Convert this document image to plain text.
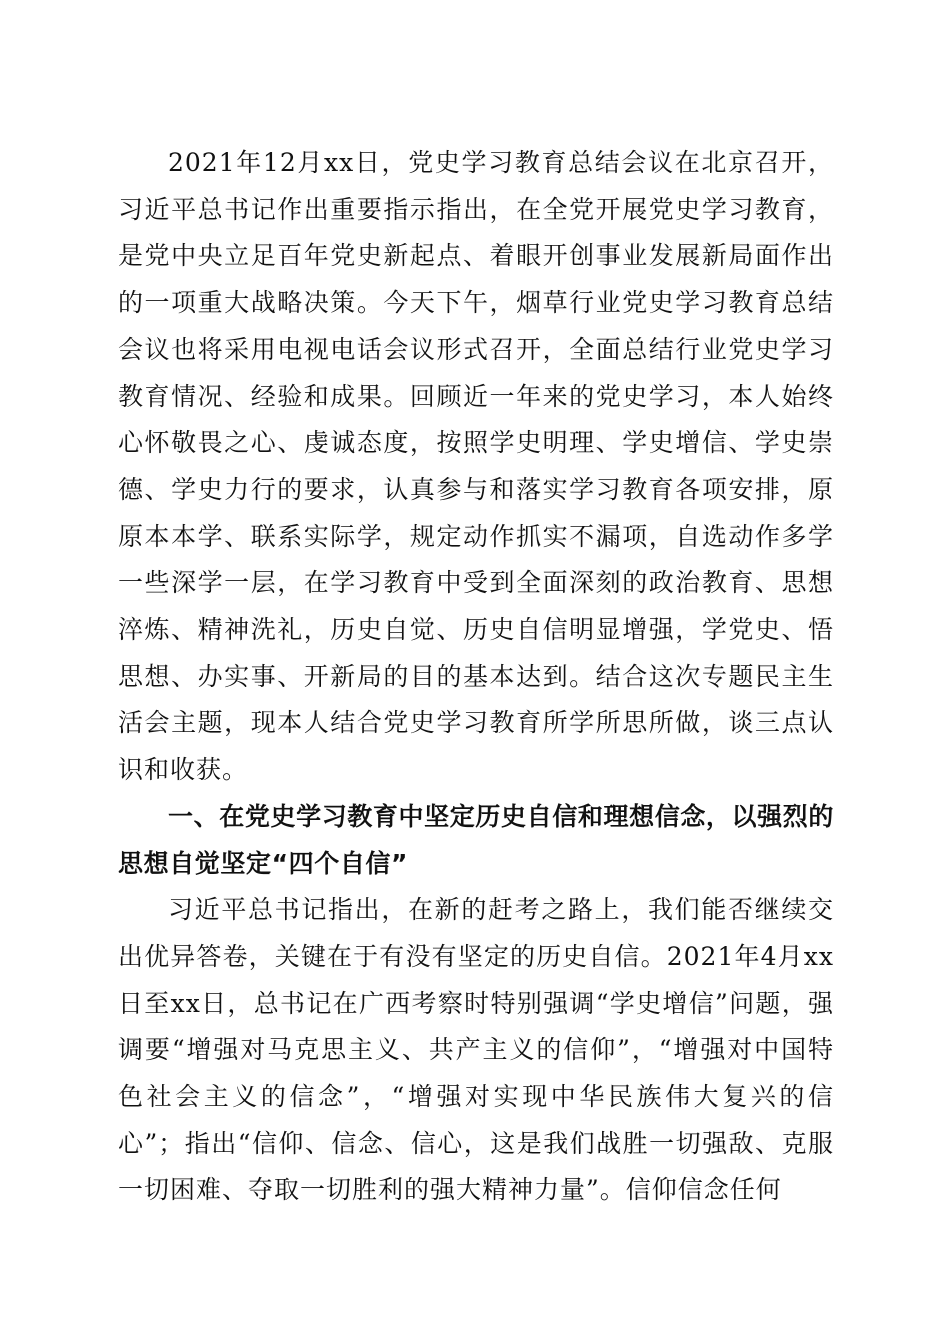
2021年12月xx日，党史学习教育总结会议在北京召开，习近平总书记作出重要指示指出，在全党开展党史学习教育，是党中央立足百年党史新起点、着眼开创事业发展新局面作出的一项重大战略决策。今天下午，烟草行业党史学习教育总结会议也将采用电视电话会议形式召开，全面总结行业党史学习教育情况、经验和成果。回顾近一年来的党史学习，本人始终心怀敬畏之心、虔诚态度，按照学史明理、学史增信、学史崇德、学史力行的要求，认真参与和落实学习教育各项安排，原原本本学、联系实际学，规定动作抓实不漏项，自选动作多学一些深学一层，在学习教育中受到全面深刻的政治教育、思想淬炼、精神洗礼，历史自觉、历史自信明显增强，学党史、悟思想、办实事、开新局的目的基本达到。结合这次专题民主生活会主题，现本人结合党史学习教育所学所思所做，谈三点认识和收获。

一、在党史学习教育中坚定历史自信和理想信念，以强烈的思想自觉坚定“四个自信”

习近平总书记指出，在新的赶考之路上，我们能否继续交出优异答卷，关键在于有没有坚定的历史自信。2021年4月xx日至xx日，总书记在广西考察时特别强调“学史增信”问题，强调要“增强对马克思主义、共产主义的信仰”，“增强对中国特色社会主义的信念”，“增强对实现中华民族伟大复兴的信心”；指出“信仰、信念、信心，这是我们战胜一切强敌、克服一切困难、夺取一切胜利的强大精神力量”。信仰信念任何
